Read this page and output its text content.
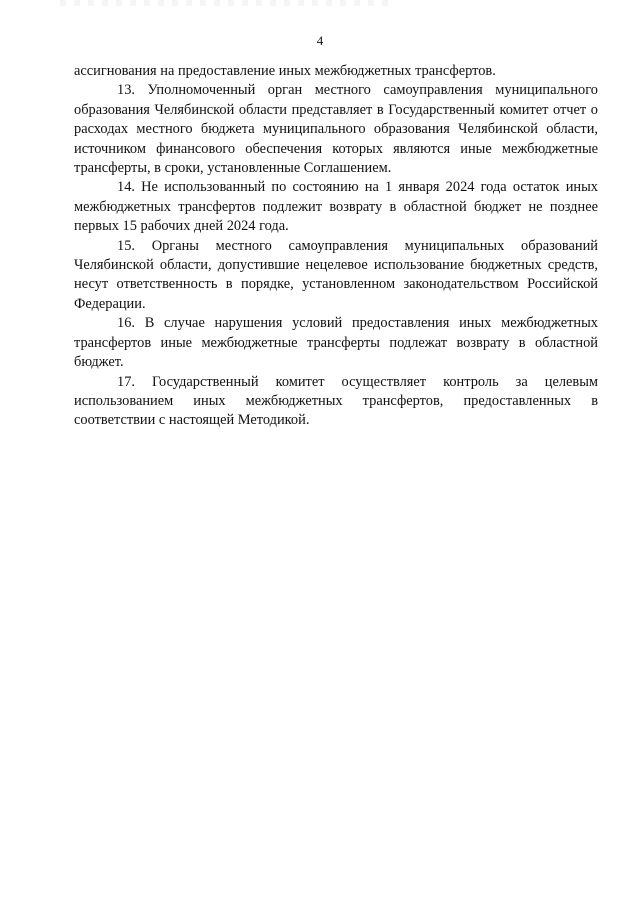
4

ассигнования на предоставление иных межбюджетных трансфертов.

13. Уполномоченный орган местного самоуправления муниципального образования Челябинской области представляет в Государственный комитет отчет о расходах местного бюджета муниципального образования Челябинской области, источником финансового обеспечения которых являются иные межбюджетные трансферты, в сроки, установленные Соглашением.

14. Не использованный по состоянию на 1 января 2024 года остаток иных межбюджетных трансфертов подлежит возврату в областной бюджет не позднее первых 15 рабочих дней 2024 года.

15. Органы местного самоуправления муниципальных образований Челябинской области, допустившие нецелевое использование бюджетных средств, несут ответственность в порядке, установленном законодательством Российской Федерации.

16. В случае нарушения условий предоставления иных межбюджетных трансфертов иные межбюджетные трансферты подлежат возврату в областной бюджет.

17. Государственный комитет осуществляет контроль за целевым использованием иных межбюджетных трансфертов, предоставленных в соответствии с настоящей Методикой.
